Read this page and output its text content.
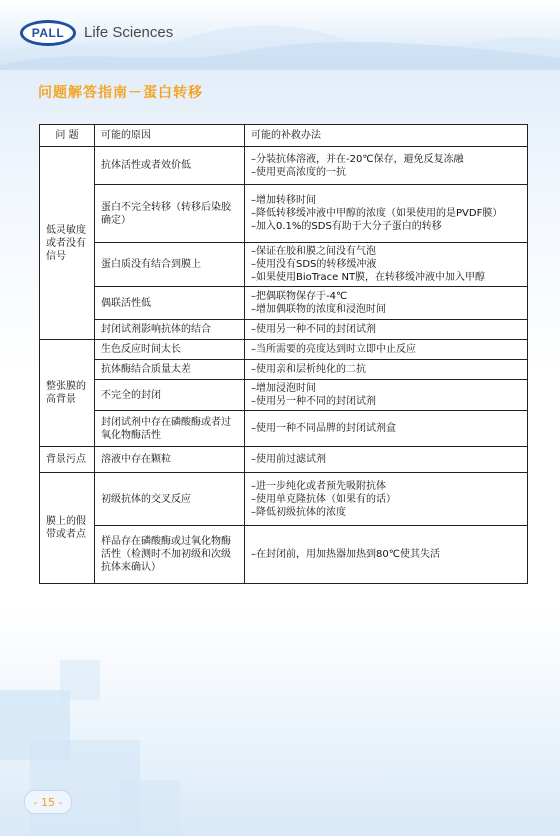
PALL Life Sciences
问题解答指南－蛋白转移
问 题	可能的原因	可能的补救办法
低灵敏度或者没有信号	抗体活性或者效价低	–分装抗体溶液，并在-20℃保存，避免反复冻融
–使用更高浓度的一抗
	蛋白不完全转移（转移后染胶确定）	–增加转移时间
–降低转移缓冲液中甲醇的浓度（如果使用的是PVDF膜）
–加入0.1%的SDS有助于大分子蛋白的转移
	蛋白质没有结合到膜上	–保证在胶和膜之间没有气泡
–使用没有SDS的转移缓冲液
–如果使用BioTrace NT膜，在转移缓冲液中加入甲醇
	偶联活性低	–把偶联物保存于-4℃
–增加偶联物的浓度和浸泡时间
	封闭试剂影响抗体的结合	–使用另一种不同的封闭试剂
整张膜的高背景	生色反应时间太长	–当所需要的亮度达到时立即中止反应
	抗体酶结合质量太差	–使用亲和层析纯化的二抗
	不完全的封闭	–增加浸泡时间
–使用另一种不同的封闭试剂
	封闭试剂中存在磷酸酶或者过氧化物酶活性	–使用一种不同品牌的封闭试剂盒
背景污点	溶液中存在颗粒	–使用前过滤试剂
膜上的假带或者点	初级抗体的交叉反应	–进一步纯化或者预先吸附抗体
–使用单克隆抗体（如果有的话）
–降低初级抗体的浓度
	样品存在磷酸酶或过氧化物酶活性（检测时不加初级和次级抗体来确认）	–在封闭前，用加热器加热到80℃使其失活
- 15 -
